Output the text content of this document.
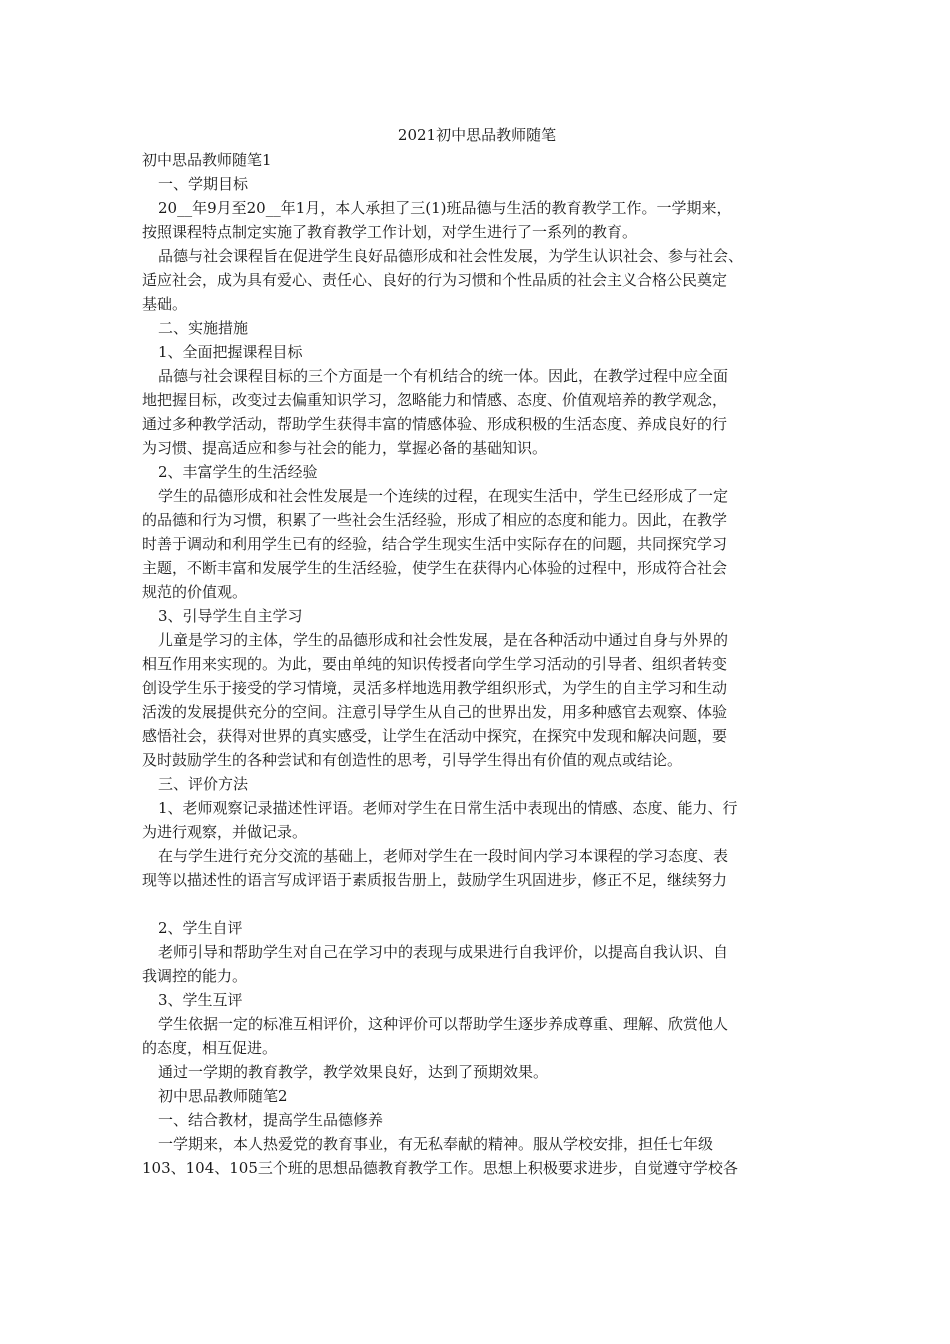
2021初中思品教师随笔
初中思品教师随笔1
一、学期目标
20__年9月至20__年1月，本人承担了三(1)班品德与生活的教育教学工作。一学期来，
按照课程特点制定实施了教育教学工作计划，对学生进行了一系列的教育。
品德与社会课程旨在促进学生良好品德形成和社会性发展，为学生认识社会、参与社会、
适应社会，成为具有爱心、责任心、良好的行为习惯和个性品质的社会主义合格公民奠定
基础。
二、实施措施
1、全面把握课程目标
品德与社会课程目标的三个方面是一个有机结合的统一体。因此，在教学过程中应全面
地把握目标，改变过去偏重知识学习，忽略能力和情感、态度、价值观培养的教学观念，
通过多种教学活动，帮助学生获得丰富的情感体验、形成积极的生活态度、养成良好的行
为习惯、提高适应和参与社会的能力，掌握必备的基础知识。
2、丰富学生的生活经验
学生的品德形成和社会性发展是一个连续的过程，在现实生活中，学生已经形成了一定
的品德和行为习惯，积累了一些社会生活经验，形成了相应的态度和能力。因此，在教学
时善于调动和利用学生已有的经验，结合学生现实生活中实际存在的问题，共同探究学习
主题，不断丰富和发展学生的生活经验，使学生在获得内心体验的过程中，形成符合社会
规范的价值观。
3、引导学生自主学习
儿童是学习的主体，学生的品德形成和社会性发展，是在各种活动中通过自身与外界的
相互作用来实现的。为此，要由单纯的知识传授者向学生学习活动的引导者、组织者转变
创设学生乐于接受的学习情境，灵活多样地选用教学组织形式，为学生的自主学习和生动
活泼的发展提供充分的空间。注意引导学生从自己的世界出发，用多种感官去观察、体验
感悟社会，获得对世界的真实感受，让学生在活动中探究，在探究中发现和解决问题，要
及时鼓励学生的各种尝试和有创造性的思考，引导学生得出有价值的观点或结论。
三、评价方法
1、老师观察记录描述性评语。老师对学生在日常生活中表现出的情感、态度、能力、行
为进行观察，并做记录。
在与学生进行充分交流的基础上，老师对学生在一段时间内学习本课程的学习态度、表
现等以描述性的语言写成评语于素质报告册上，鼓励学生巩固进步，修正不足，继续努力
2、学生自评
老师引导和帮助学生对自己在学习中的表现与成果进行自我评价，以提高自我认识、自
我调控的能力。
3、学生互评
学生依据一定的标准互相评价，这种评价可以帮助学生逐步养成尊重、理解、欣赏他人
的态度，相互促进。
通过一学期的教育教学，教学效果良好，达到了预期效果。
初中思品教师随笔2
一、结合教材，提高学生品德修养
一学期来，本人热爱党的教育事业，有无私奉献的精神。服从学校安排，担任七年级
103、104、105三个班的思想品德教育教学工作。思想上积极要求进步，自觉遵守学校各
